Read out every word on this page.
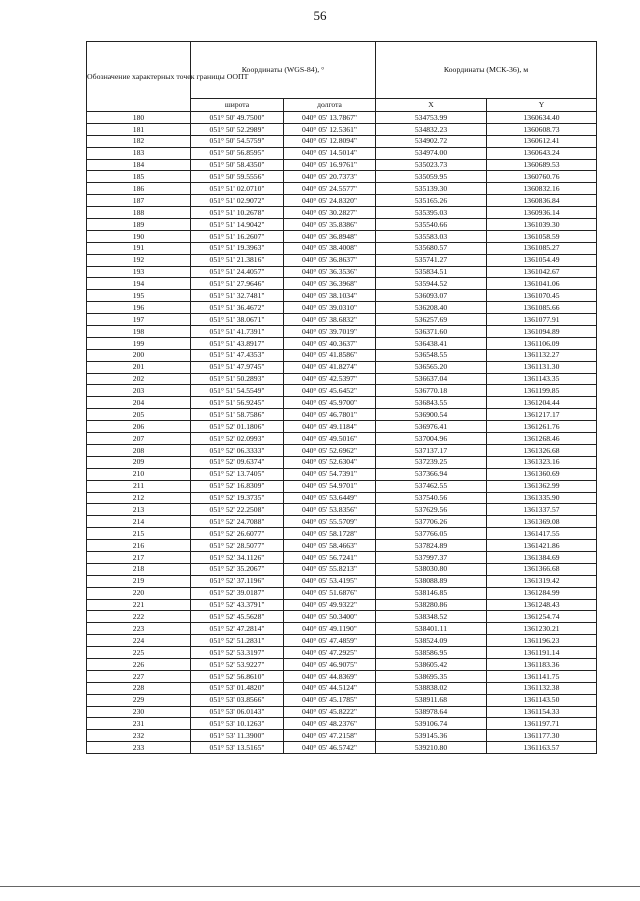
56
Обозначение характерных точек границы ООПТ	Координаты (WGS-84), °		Координаты (МСК-36), м	
	широта	долгота	X	Y
180	051° 50' 49.7500"	040° 05' 13.7867"	534753.99	1360634.40
181	051° 50' 52.2989"	040° 05' 12.5361"	534832.23	1360608.73
182	051° 50' 54.5759"	040° 05' 12.8094"	534902.72	1360612.41
183	051° 50' 56.8595"	040° 05' 14.5014"	534974.00	1360643.24
184	051° 50' 58.4350"	040° 05' 16.9761"	535023.73	1360689.53
185	051° 50' 59.5556"	040° 05' 20.7373"	535059.95	1360760.76
186	051° 51' 02.0710"	040° 05' 24.5577"	535139.30	1360832.16
187	051° 51' 02.9072"	040° 05' 24.8320"	535165.26	1360836.84
188	051° 51' 10.2678"	040° 05' 30.2827"	535395.03	1360936.14
189	051° 51' 14.9042"	040° 05' 35.8386"	535540.66	1361039.30
190	051° 51' 16.2607"	040° 05' 36.8948"	535583.03	1361058.59
191	051° 51' 19.3963"	040° 05' 38.4008"	535680.57	1361085.27
192	051° 51' 21.3816"	040° 05' 36.8637"	535741.27	1361054.49
193	051° 51' 24.4057"	040° 05' 36.3536"	535834.51	1361042.67
194	051° 51' 27.9646"	040° 05' 36.3968"	535944.52	1361041.06
195	051° 51' 32.7481"	040° 05' 38.1034"	536093.07	1361070.45
196	051° 51' 36.4672"	040° 05' 39.0310"	536208.40	1361085.66
197	051° 51' 38.0671"	040° 05' 38.6832"	536257.69	1361077.91
198	051° 51' 41.7391"	040° 05' 39.7019"	536371.60	1361094.89
199	051° 51' 43.8917"	040° 05' 40.3637"	536438.41	1361106.09
200	051° 51' 47.4353"	040° 05' 41.8586"	536548.55	1361132.27
201	051° 51' 47.9745"	040° 05' 41.8274"	536565.20	1361131.30
202	051° 51' 50.2893"	040° 05' 42.5397"	536637.04	1361143.35
203	051° 51' 54.5549"	040° 05' 45.6452"	536770.18	1361199.85
204	051° 51' 56.9245"	040° 05' 45.9700"	536843.55	1361204.44
205	051° 51' 58.7586"	040° 05' 46.7801"	536900.54	1361217.17
206	051° 52' 01.1806"	040° 05' 49.1184"	536976.41	1361261.76
207	051° 52' 02.0993"	040° 05' 49.5016"	537004.96	1361268.46
208	051° 52' 06.3333"	040° 05' 52.6962"	537137.17	1361326.68
209	051° 52' 09.6374"	040° 05' 52.6304"	537239.25	1361323.16
210	051° 52' 13.7405"	040° 05' 54.7391"	537366.94	1361360.69
211	051° 52' 16.8309"	040° 05' 54.9701"	537462.55	1361362.99
212	051° 52' 19.3735"	040° 05' 53.6449"	537540.56	1361335.90
213	051° 52' 22.2508"	040° 05' 53.8356"	537629.56	1361337.57
214	051° 52' 24.7088"	040° 05' 55.5709"	537706.26	1361369.08
215	051° 52' 26.6077"	040° 05' 58.1728"	537766.05	1361417.55
216	051° 52' 28.5077"	040° 05' 58.4663"	537824.89	1361421.86
217	051° 52' 34.1126"	040° 05' 56.7241"	537997.37	1361384.69
218	051° 52' 35.2067"	040° 05' 55.8213"	538030.80	1361366.68
219	051° 52' 37.1196"	040° 05' 53.4195"	538088.89	1361319.42
220	051° 52' 39.0187"	040° 05' 51.6876"	538146.85	1361284.99
221	051° 52' 43.3791"	040° 05' 49.9322"	538280.86	1361248.43
222	051° 52' 45.5628"	040° 05' 50.3400"	538348.52	1361254.74
223	051° 52' 47.2814"	040° 05' 49.1190"	538401.11	1361230.21
224	051° 52' 51.2831"	040° 05' 47.4859"	538524.09	1361196.23
225	051° 52' 53.3197"	040° 05' 47.2925"	538586.95	1361191.14
226	051° 52' 53.9227"	040° 05' 46.9075"	538605.42	1361183.36
227	051° 52' 56.8610"	040° 05' 44.8369"	538695.35	1361141.75
228	051° 53' 01.4820"	040° 05' 44.5124"	538838.02	1361132.38
229	051° 53' 03.8566"	040° 05' 45.1785"	538911.68	1361143.50
230	051° 53' 06.0143"	040° 05' 45.8222"	538978.64	1361154.33
231	051° 53' 10.1263"	040° 05' 48.2376"	539106.74	1361197.71
232	051° 53' 11.3900"	040° 05' 47.2158"	539145.36	1361177.30
233	051° 53' 13.5165"	040° 05' 46.5742"	539210.80	1361163.57
